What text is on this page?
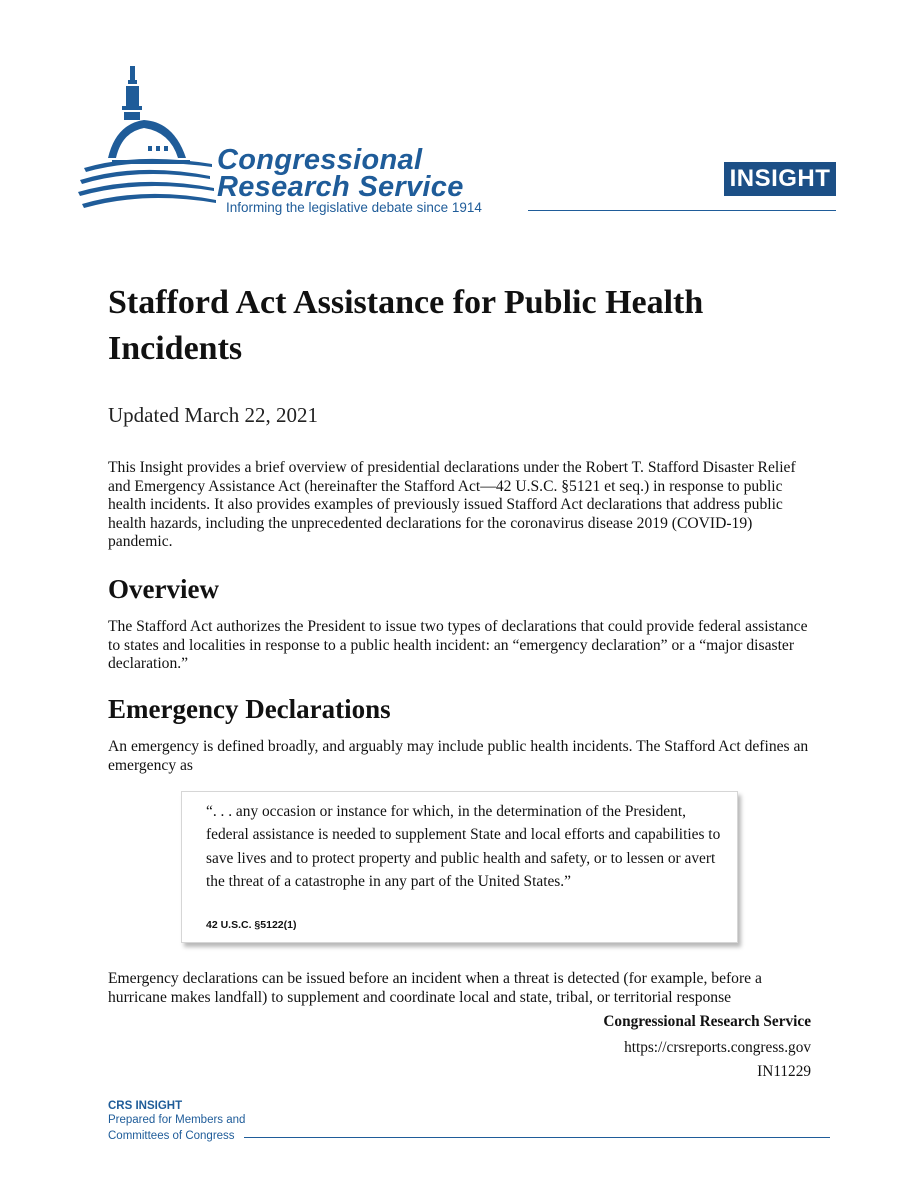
Congressional
Research Service
Informing the legislative debate since 1914
INSIGHT
Stafford Act Assistance for Public Health Incidents
Updated March 22, 2021

This Insight provides a brief overview of presidential declarations under the Robert T. Stafford Disaster Relief and Emergency Assistance Act (hereinafter the Stafford Act—42 U.S.C. §5121 et seq.) in response to public health incidents. It also provides examples of previously issued Stafford Act declarations that address public health hazards, including the unprecedented declarations for the coronavirus disease 2019 (COVID-19) pandemic.

Overview

The Stafford Act authorizes the President to issue two types of declarations that could provide federal assistance to states and localities in response to a public health incident: an “emergency declaration” or a “major disaster declaration.”

Emergency Declarations

An emergency is defined broadly, and arguably may include public health incidents. The Stafford Act defines an emergency as

“. . . any occasion or instance for which, in the determination of the President, federal assistance is needed to supplement State and local efforts and capabilities to save lives and to protect property and public health and safety, or to lessen or avert the threat of a catastrophe in any part of the United States.”

42 U.S.C. §5122(1)

Emergency declarations can be issued before an incident when a threat is detected (for example, before a hurricane makes landfall) to supplement and coordinate local and state, tribal, or territorial response

Congressional Research Service
https://crsreports.congress.gov
IN11229
CRS INSIGHT
Prepared for Members and
Committees of Congress
